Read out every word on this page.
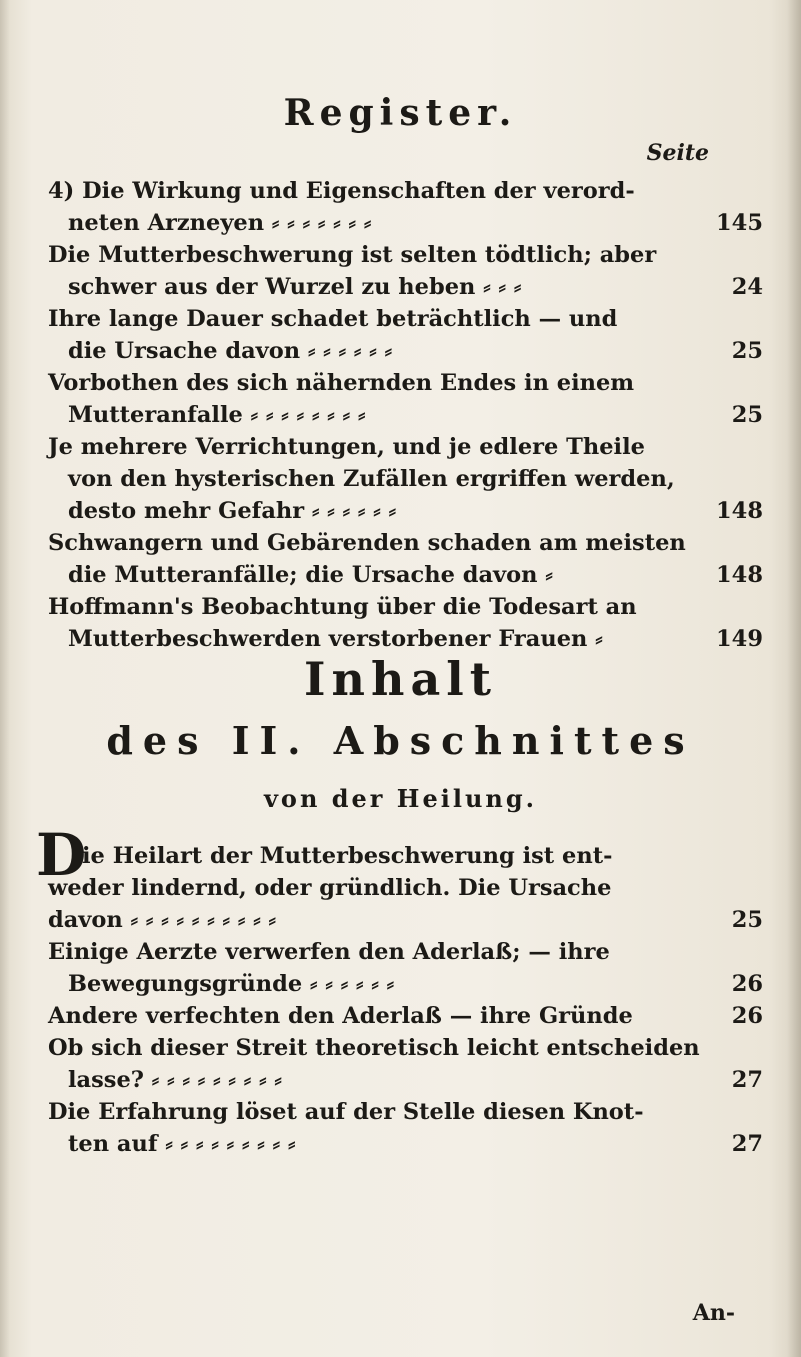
Register.
Seite
4) Die Wirkung und Eigenschaften der verord-
neten Arzneyen ⸗ ⸗ ⸗ ⸗ ⸗ ⸗ ⸗	145
Die Mutterbeschwerung ist selten tödtlich; aber
schwer aus der Wurzel zu heben ⸗ ⸗ ⸗	24
Ihre lange Dauer schadet beträchtlich — und
die Ursache davon ⸗ ⸗ ⸗ ⸗ ⸗ ⸗	25
Vorbothen des sich nähernden Endes in einem
Mutteranfalle ⸗ ⸗ ⸗ ⸗ ⸗ ⸗ ⸗ ⸗	25
Je mehrere Verrichtungen, und je edlere Theile
von den hysterischen Zufällen ergriffen werden,
desto mehr Gefahr ⸗ ⸗ ⸗ ⸗ ⸗ ⸗	148
Schwangern und Gebärenden schaden am meisten
die Mutteranfälle; die Ursache davon ⸗	148
Hoffmann's Beobachtung über die Todesart an
Mutterbeschwerden verstorbener Frauen ⸗	149
Inhalt
des II. Abschnittes
von der Heilung.
D
ie Heilart der Mutterbeschwerung ist ent-
weder lindernd, oder gründlich. Die Ursache
davon ⸗ ⸗ ⸗ ⸗ ⸗ ⸗ ⸗ ⸗ ⸗ ⸗	25
Einige Aerzte verwerfen den Aderlaß; — ihre
Bewegungsgründe ⸗ ⸗ ⸗ ⸗ ⸗ ⸗	26
Andere verfechten den Aderlaß — ihre Gründe	26
Ob sich dieser Streit theoretisch leicht entscheiden
lasse? ⸗ ⸗ ⸗ ⸗ ⸗ ⸗ ⸗ ⸗ ⸗	27
Die Erfahrung löset auf der Stelle diesen Knot-
ten auf ⸗ ⸗ ⸗ ⸗ ⸗ ⸗ ⸗ ⸗ ⸗	27
An-
